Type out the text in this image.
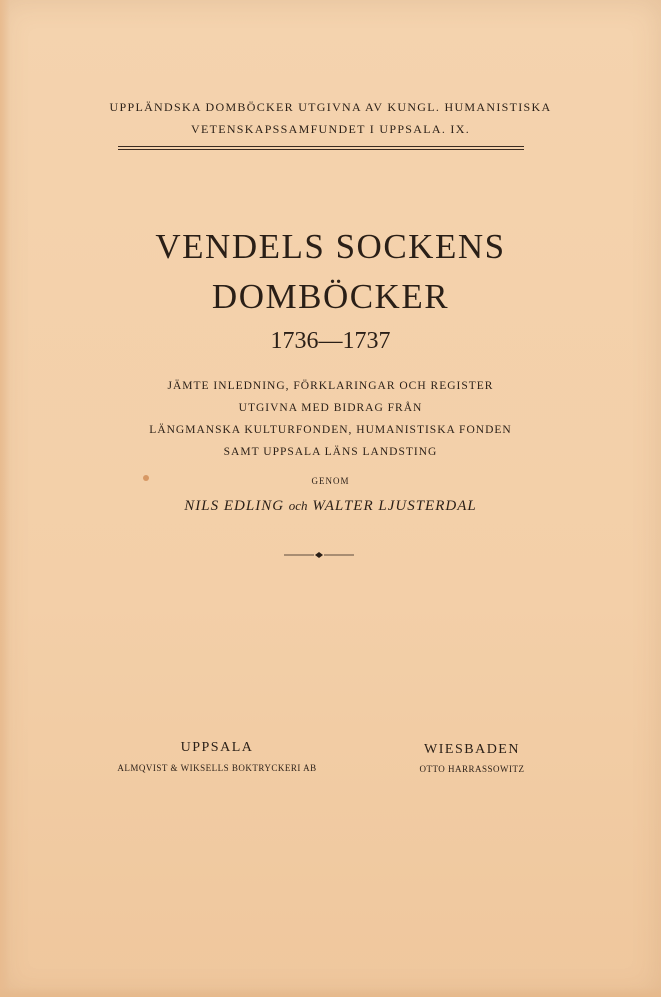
UPPLÄNDSKA DOMBÖCKER UTGIVNA AV KUNGL. HUMANISTISKA
VETENSKAPSSAMFUNDET I UPPSALA. IX.
VENDELS SOCKENS
DOMBÖCKER
1736—1737
JÄMTE INLEDNING, FÖRKLARINGAR OCH REGISTER
UTGIVNA MED BIDRAG FRÅN
LÄNGMANSKA KULTURFONDEN, HUMANISTISKA FONDEN
SAMT UPPSALA LÄNS LANDSTING
GENOM
NILS EDLING och WALTER LJUSTERDAL
UPPSALA
ALMQVIST & WIKSELLS BOKTRYCKERI AB
WIESBADEN
OTTO HARRASSOWITZ
